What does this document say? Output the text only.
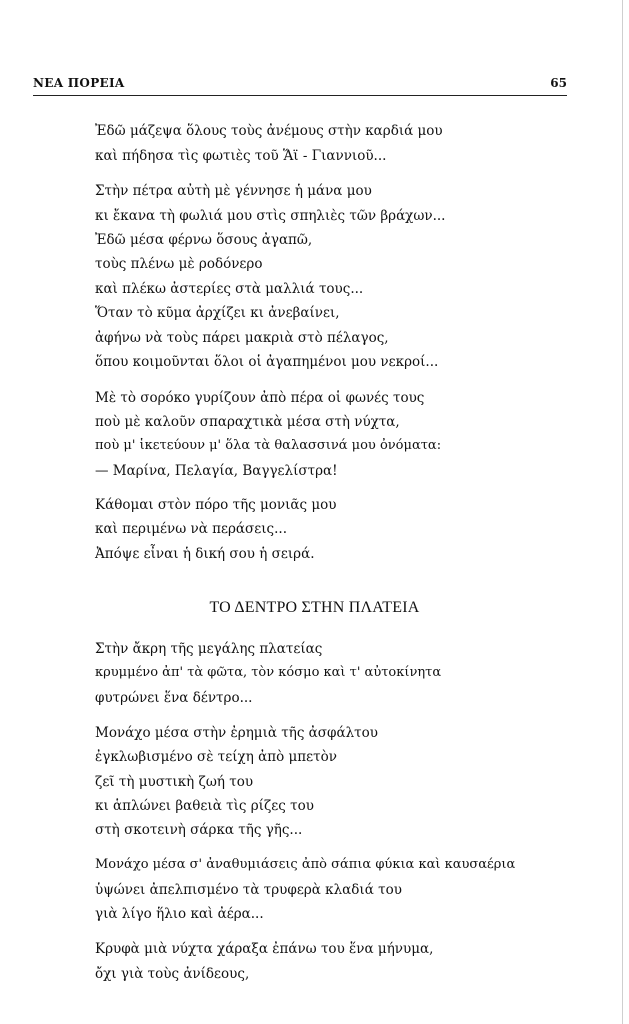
ΝΕΑ ΠΟΡΕΙΑ	65
Ἐδῶ μάζεψα ὅλους τοὺς ἀνέμους στὴν καρδιά μου
καὶ πήδησα τὶς φωτιὲς τοῦ Ἅϊ - Γιαννιοῦ...
Στὴν πέτρα αὐτὴ μὲ γέννησε ἡ μάνα μου
κι ἔκανα τὴ φωλιά μου στὶς σπηλιὲς τῶν βράχων...
Ἐδῶ μέσα φέρνω ὅσους ἀγαπῶ,
τοὺς πλένω μὲ ροδόνερο
καὶ πλέκω ἀστερίες στὰ μαλλιά τους...
Ὅταν τὸ κῦμα ἀρχίζει κι ἀνεβαίνει,
ἀφήνω νὰ τοὺς πάρει μακριὰ στὸ πέλαγος,
ὅπου κοιμοῦνται ὅλοι οἱ ἀγαπημένοι μου νεκροί...
Μὲ τὸ σορόκο γυρίζουν ἀπὸ πέρα οἱ φωνές τους
ποὺ μὲ καλοῦν σπαραχτικὰ μέσα στὴ νύχτα,
ποὺ μ' ἱκετεύουν μ' ὅλα τὰ θαλασσινά μου ὀνόματα:
— Μαρίνα, Πελαγία, Βαγγελίστρα!
Κάθομαι στὸν πόρο τῆς μονιᾶς μου
καὶ περιμένω νὰ περάσεις...
Ἀπόψε εἶναι ἡ δική σου ἡ σειρά.
ΤΟ ΔΕΝΤΡΟ ΣΤΗΝ ΠΛΑΤΕΙΑ
Στὴν ἄκρη τῆς μεγάλης πλατείας
κρυμμένο ἀπ' τὰ φῶτα, τὸν κόσμο καὶ τ' αὐτοκίνητα
φυτρώνει ἕνα δέντρο...
Μονάχο μέσα στὴν ἐρημιὰ τῆς ἀσφάλτου
ἐγκλωβισμένο σὲ τείχη ἀπὸ μπετὸν
ζεῖ τὴ μυστικὴ ζωή του
κι ἁπλώνει βαθειὰ τὶς ρίζες του
στὴ σκοτεινὴ σάρκα τῆς γῆς...
Μονάχο μέσα σ' ἀναθυμιάσεις ἀπὸ σάπια φύκια καὶ καυσαέρια
ὑψώνει ἀπελπισμένο τὰ τρυφερὰ κλαδιά του
γιὰ λίγο ἥλιο καὶ ἀέρα...
Κρυφὰ μιὰ νύχτα χάραξα ἐπάνω του ἕνα μήνυμα,
ὄχι γιὰ τοὺς ἀνίδεους,
